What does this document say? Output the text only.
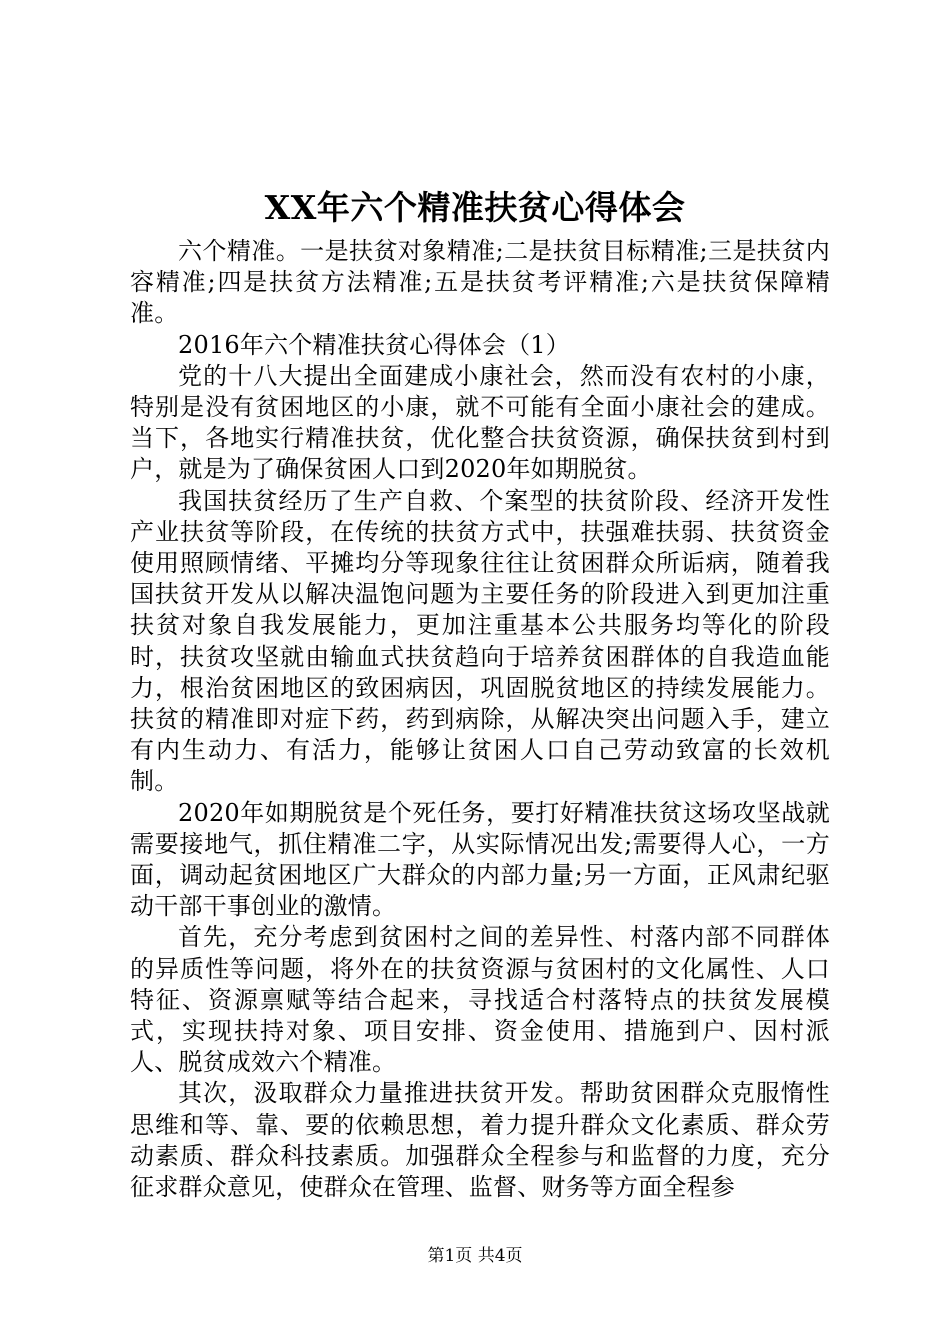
XX年六个精准扶贫心得体会

六个精准。一是扶贫对象精准;二是扶贫目标精准;三是扶贫内容精准;四是扶贫方法精准;五是扶贫考评精准;六是扶贫保障精准。

2016年六个精准扶贫心得体会（1）

党的十八大提出全面建成小康社会，然而没有农村的小康，特别是没有贫困地区的小康，就不可能有全面小康社会的建成。当下，各地实行精准扶贫，优化整合扶贫资源，确保扶贫到村到户，就是为了确保贫困人口到2020年如期脱贫。

我国扶贫经历了生产自救、个案型的扶贫阶段、经济开发性产业扶贫等阶段，在传统的扶贫方式中，扶强难扶弱、扶贫资金使用照顾情绪、平摊均分等现象往往让贫困群众所诟病，随着我国扶贫开发从以解决温饱问题为主要任务的阶段进入到更加注重扶贫对象自我发展能力，更加注重基本公共服务均等化的阶段时，扶贫攻坚就由输血式扶贫趋向于培养贫困群体的自我造血能力，根治贫困地区的致困病因，巩固脱贫地区的持续发展能力。扶贫的精准即对症下药，药到病除，从解决突出问题入手，建立有内生动力、有活力，能够让贫困人口自己劳动致富的长效机制。

2020年如期脱贫是个死任务，要打好精准扶贫这场攻坚战就需要接地气，抓住精准二字，从实际情况出发;需要得人心，一方面，调动起贫困地区广大群众的内部力量;另一方面，正风肃纪驱动干部干事创业的激情。

首先，充分考虑到贫困村之间的差异性、村落内部不同群体的异质性等问题，将外在的扶贫资源与贫困村的文化属性、人口特征、资源禀赋等结合起来，寻找适合村落特点的扶贫发展模式，实现扶持对象、项目安排、资金使用、措施到户、因村派人、脱贫成效六个精准。

其次，汲取群众力量推进扶贫开发。帮助贫困群众克服惰性思维和等、靠、要的依赖思想，着力提升群众文化素质、群众劳动素质、群众科技素质。加强群众全程参与和监督的力度，充分征求群众意见，使群众在管理、监督、财务等方面全程参

第1页 共4页
